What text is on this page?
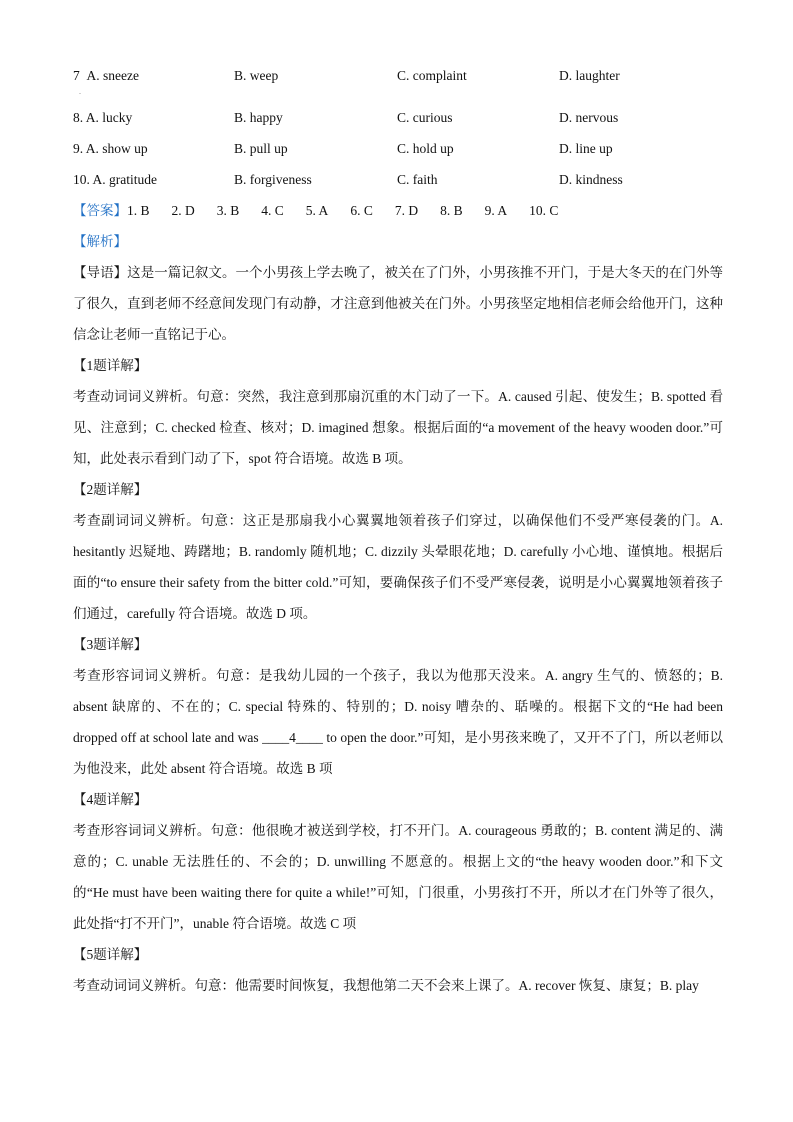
7 A. sneeze	B. weep	C. complaint	D. laughter
.
8. A. lucky	B. happy	C. curious	D. nervous
9. A. show up	B. pull up	C. hold up	D. line up
10. A. gratitude	B. forgiveness	C. faith	D. kindness
【答案】1. B 2. D 3. B 4. C 5. A 6. C 7. D 8. B 9. A 10. C
【解析】

【导语】这是一篇记叙文。一个小男孩上学去晚了，被关在了门外，小男孩推不开门，于是大冬天的在门外等了很久，直到老师不经意间发现门有动静，才注意到他被关在门外。小男孩坚定地相信老师会给他开门，这种信念让老师一直铭记于心。

【1题详解】

考查动词词义辨析。句意：突然，我注意到那扇沉重的木门动了一下。A. caused 引起、使发生；B. spotted 看见、注意到；C. checked 检查、核对；D. imagined 想象。根据后面的“a movement of the heavy wooden door.”可知，此处表示看到门动了下，spot 符合语境。故选 B 项。

【2题详解】

考查副词词义辨析。句意：这正是那扇我小心翼翼地领着孩子们穿过，以确保他们不受严寒侵袭的门。A. hesitantly 迟疑地、踌躇地；B. randomly 随机地；C. dizzily 头晕眼花地；D. carefully 小心地、谨慎地。根据后面的“to ensure their safety from the bitter cold.”可知，要确保孩子们不受严寒侵袭，说明是小心翼翼地领着孩子们通过，carefully 符合语境。故选 D 项。

【3题详解】

考查形容词词义辨析。句意：是我幼儿园的一个孩子，我以为他那天没来。A. angry 生气的、愤怒的；B. absent 缺席的、不在的；C. special 特殊的、特别的；D. noisy 嘈杂的、聒噪的。根据下文的“He had been dropped off at school late and was ____4____ to open the door.”可知，是小男孩来晚了，又开不了门，所以老师以为他没来，此处 absent 符合语境。故选 B 项

【4题详解】

考查形容词词义辨析。句意：他很晚才被送到学校，打不开门。A. courageous 勇敢的；B. content 满足的、满意的；C. unable 无法胜任的、不会的；D. unwilling 不愿意的。根据上文的“the heavy wooden door.”和下文的“He must have been waiting there for quite a while!”可知，门很重，小男孩打不开，所以才在门外等了很久，此处指“打不开门”，unable 符合语境。故选 C 项

【5题详解】

考查动词词义辨析。句意：他需要时间恢复，我想他第二天不会来上课了。A. recover 恢复、康复；B. play
